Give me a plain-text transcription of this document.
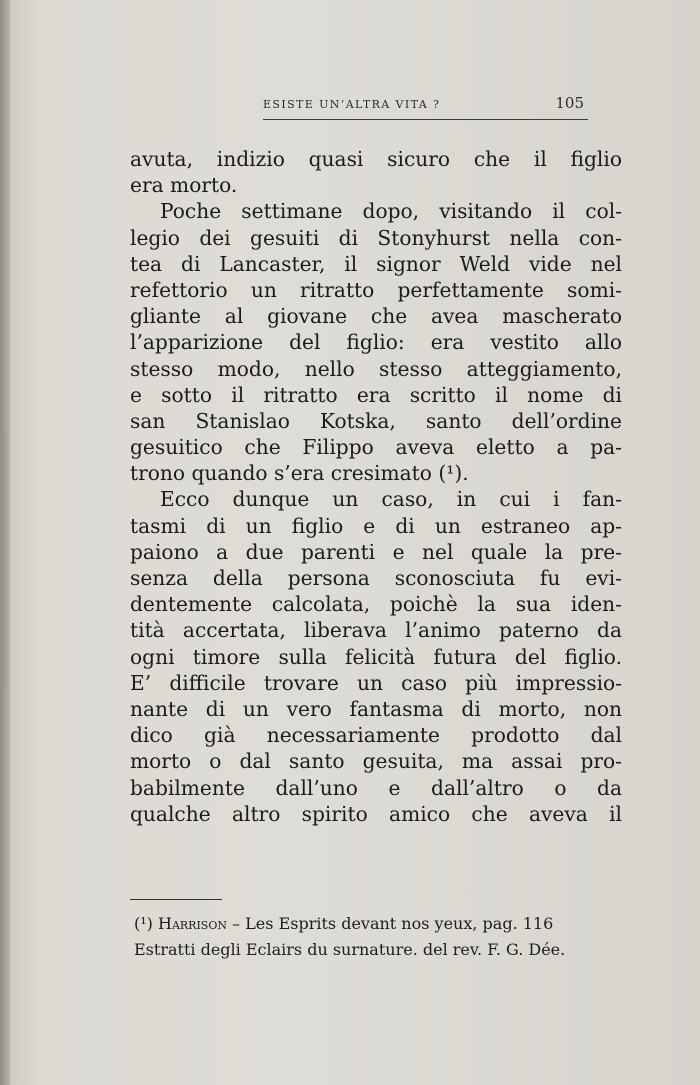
ESISTE UN’ALTRA VITA ?	105
avuta, indizio quasi sicuro che il figlio
era morto.
Poche settimane dopo, visitando il col-
legio dei gesuiti di Stonyhurst nella con-
tea di Lancaster, il signor Weld vide nel
refettorio un ritratto perfettamente somi-
gliante al giovane che avea mascherato
l’apparizione del figlio: era vestito allo
stesso modo, nello stesso atteggiamento,
e sotto il ritratto era scritto il nome di
san Stanislao Kotska, santo dell’ordine
gesuitico che Filippo aveva eletto a pa-
trono quando s’era cresimato (¹).
Ecco dunque un caso, in cui i fan-
tasmi di un figlio e di un estraneo ap-
paiono a due parenti e nel quale la pre-
senza della persona sconosciuta fu evi-
dentemente calcolata, poichè la sua iden-
tità accertata, liberava l’animo paterno da
ogni timore sulla felicità futura del figlio.
E’ difficile trovare un caso più impressio-
nante di un vero fantasma di morto, non
dico già necessariamente prodotto dal
morto o dal santo gesuita, ma assai pro-
babilmente dall’uno e dall’altro o da
qualche altro spirito amico che aveva il
(¹) Harrison – Les Esprits devant nos yeux, pag. 116
Estratti degli Eclairs du surnature. del rev. F. G. Dée.
